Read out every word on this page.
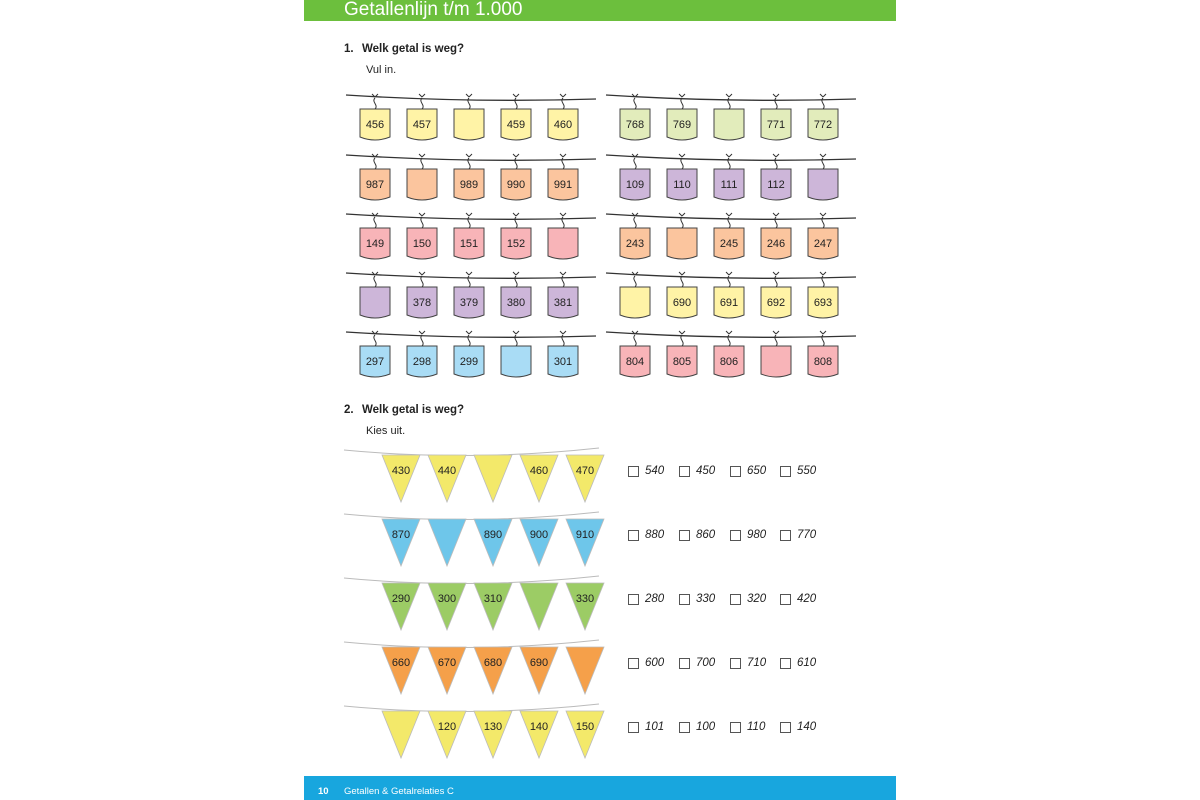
Getallenlijn t/m 1.000
1. Welk getal is weg?
Vul in.
2. Welk getal is weg?
Kies uit.
456	457	459	460	768	769	771	772
987	989	990	991	109	110	111	112
149	150	151	152	243	245	246	247
378	379	380	381	690	691	692	693
297	298	299	301	804	805	806	808
430	440	460	470
870	890	900	910
290	300	310	330
660	670	680	690
120	130	140	150
540	450	650	550
880	860	980	770
280	330	320	420
600	700	710	610
101	100	110	140
10 Getallen & Getalrelaties C
